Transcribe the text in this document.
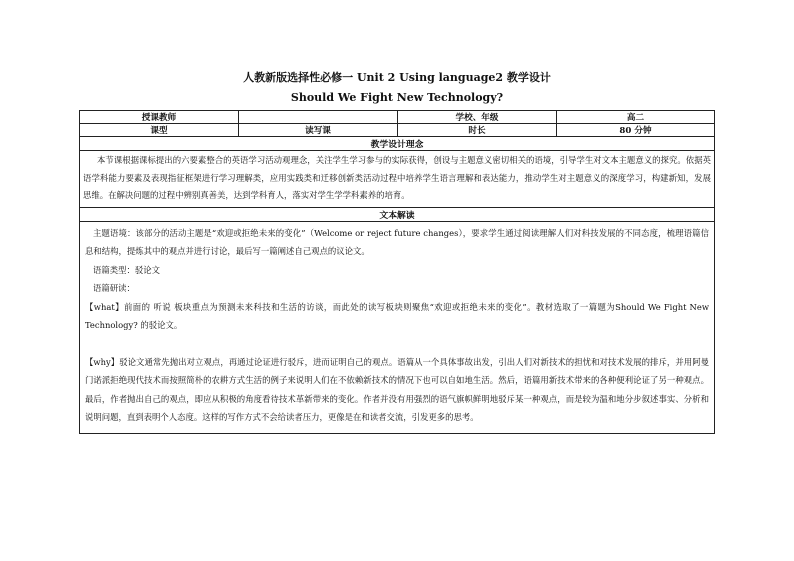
人教新版选择性必修一 Unit 2 Using language2 教学设计
Should We Fight New Technology?
授课教师		学校、年级	高二
课型	读写课	时长	80 分钟
教学设计理念			
本节课根据课标提出的六要素整合的英语学习活动观理念，关注学生学习参与的实际获得，创设与主题意义密切相关的语境，引导学生对文本主题意义的探究。依据英语学科能力要素及表现指征框架进行学习理解类，应用实践类和迁移创新类活动过程中培养学生语言理解和表达能力，推动学生对主题意义的深度学习，构建新知，发展思维。在解决问题的过程中辨别真善美，达到学科育人，落实对学生学学科素养的培育。			
文本解读			

主题语境：该部分的活动主题是“欢迎或拒绝未来的变化”（Welcome or reject future changes），要求学生通过阅读理解人们对科技发展的不同态度，梳理语篇信息和结构，提炼其中的观点并进行讨论，最后写一篇阐述自己观点的议论文。

语篇类型：驳论文

语篇研读：

【what】前面的 听说 板块重点为预测未来科技和生活的访谈，而此处的读写板块则聚焦“欢迎或拒绝未来的变化”。教材选取了一篇题为Should We Fight New Technology? 的驳论文。

【why】驳论文通常先抛出对立观点，再通过论证进行驳斥，进而证明自己的观点。语篇从一个具体事故出发，引出人们对新技术的担忧和对技术发展的排斥，并用阿曼门诺派拒绝现代技术而按照简朴的农耕方式生活的例子来说明人们在不依赖新技术的情况下也可以自如地生活。然后，语篇用新技术带来的各种便利论证了另一种观点。最后，作者抛出自己的观点，即应从积极的角度看待技术革新带来的变化。作者并没有用强烈的语气旗帜鲜明地驳斥某一种观点，而是较为温和地分步叙述事实、分析和说明问题，直到表明个人态度。这样的写作方式不会给读者压力，更像是在和读者交流，引发更多的思考。			
